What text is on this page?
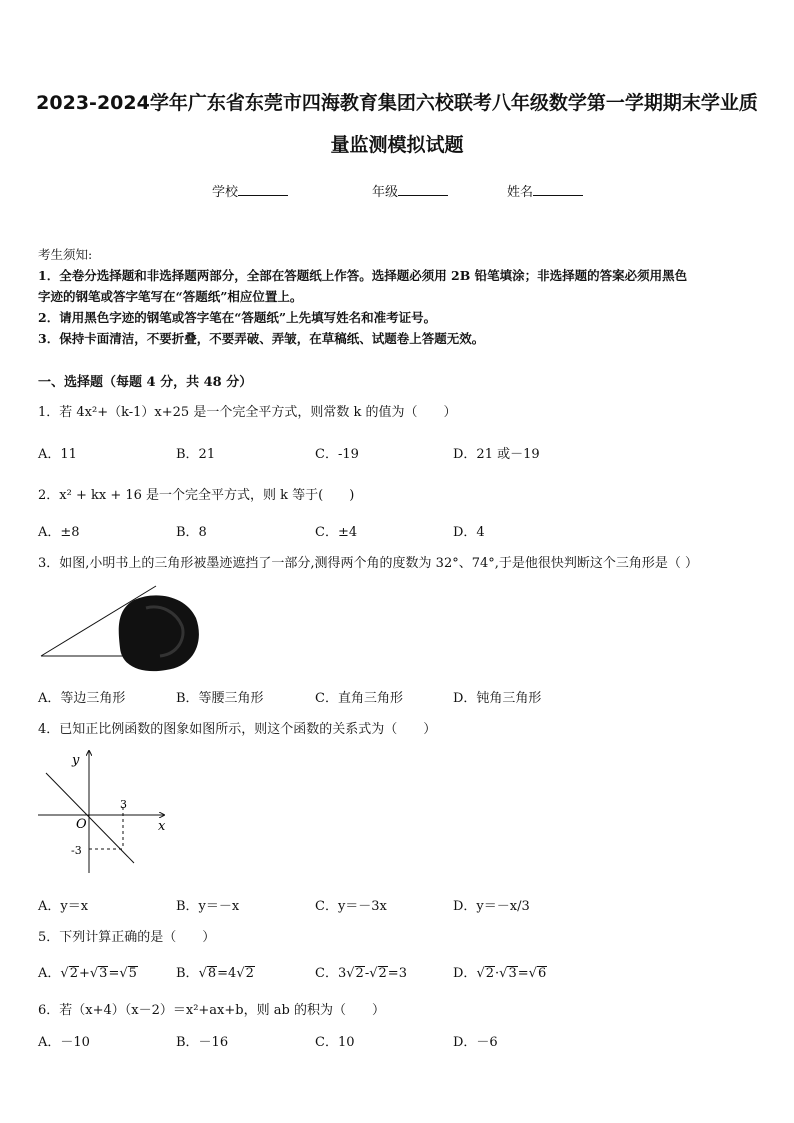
2023-2024学年广东省东莞市四海教育集团六校联考八年级数学第一学期期末学业质
量监测模拟试题
学校	年级	姓名
考生须知:
1．全卷分选择题和非选择题两部分，全部在答题纸上作答。选择题必须用 2B 铅笔填涂；非选择题的答案必须用黑色
字迹的钢笔或答字笔写在“答题纸”相应位置上。
2．请用黑色字迹的钢笔或答字笔在“答题纸”上先填写姓名和准考证号。
3．保持卡面清洁，不要折叠，不要弄破、弄皱，在草稿纸、试题卷上答题无效。
一、选择题（每题 4 分，共 48 分）
1．若 4x²+（k-1）x+25 是一个完全平方式，则常数 k 的值为（　　）
A．11	B．21	C．-19	D．21 或－19
2．x² + kx + 16 是一个完全平方式，则 k 等于(　　)
A．±8	B．8	C．±4	D．4
3．如图,小明书上的三角形被墨迹遮挡了一部分,测得两个角的度数为 32°、74°,于是他很快判断这个三角形是（ ）
A．等边三角形	B．等腰三角形	C．直角三角形	D．钝角三角形
4．已知正比例函数的图象如图所示，则这个函数的关系式为（　　）
y
x
O
3
-3
A．y＝x	B．y＝－x	C．y＝－3x	D．y＝－x/3
5．下列计算正确的是（　　）
A．√2+√3=√5	B．√8=4√2	C．3√2-√2=3	D．√2·√3=√6
6．若（x+4）（x－2）＝x²+ax+b，则 ab 的积为（　　）
A．－10	B．－16	C．10	D．－6
